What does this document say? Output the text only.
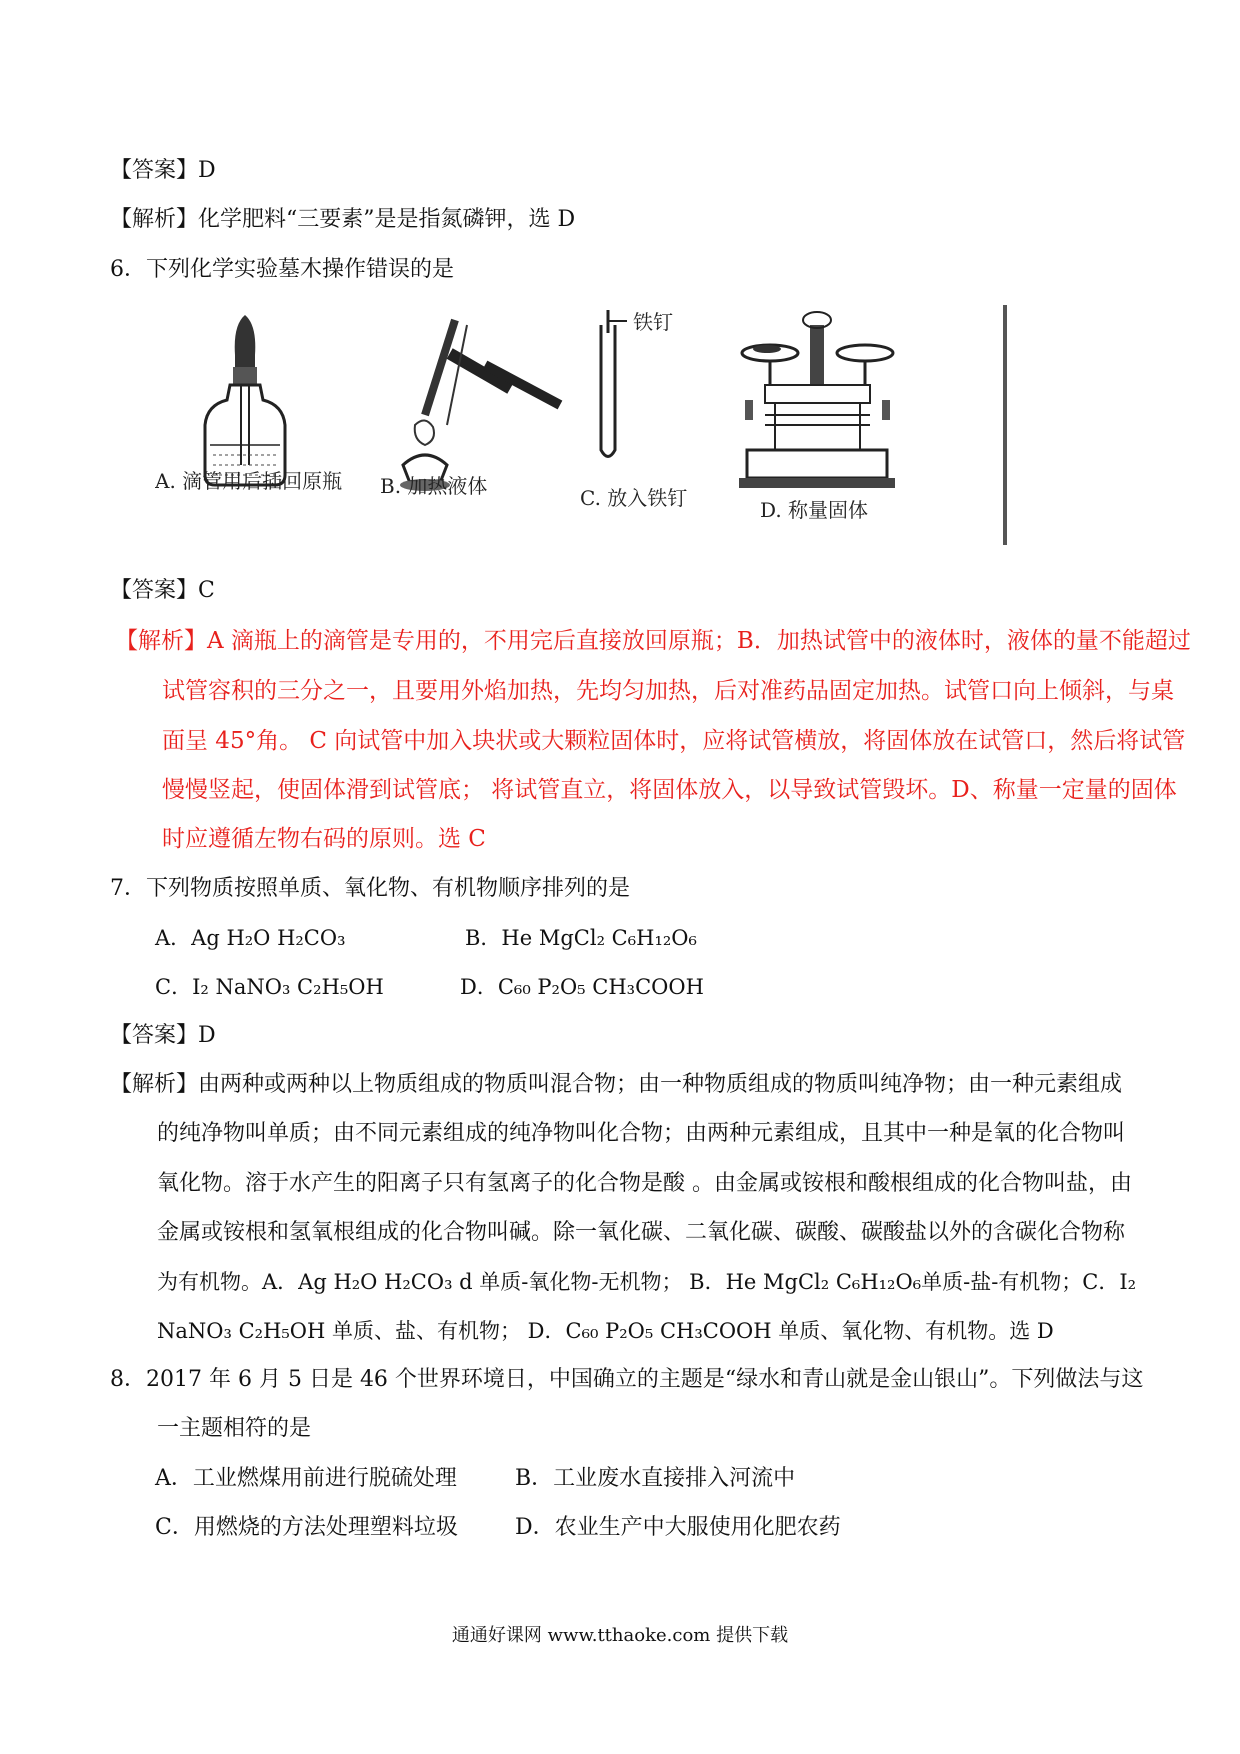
【答案】D
【解析】化学肥料“三要素”是是指氮磷钾，选 D
6．下列化学实验墓木操作错误的是
铁钉
A. 滴管用后插回原瓶 B. 加热液体	C. 放入铁钉	D. 称量固体
【答案】C
【解析】A 滴瓶上的滴管是专用的，不用完后直接放回原瓶；B．加热试管中的液体时，液体的量不能超过
试管容积的三分之一，且要用外焰加热，先均匀加热，后对准药品固定加热。试管口向上倾斜，与桌
面呈 45°角。 C 向试管中加入块状或大颗粒固体时，应将试管横放，将固体放在试管口，然后将试管
慢慢竖起，使固体滑到试管底； 将试管直立，将固体放入，以导致试管毁坏。D、称量一定量的固体
时应遵循左物右码的原则。选 C
7．下列物质按照单质、氧化物、有机物顺序排列的是
A．Ag H₂O H₂CO₃	B．He MgCl₂ C₆H₁₂O₆
C．I₂ NaNO₃ C₂H₅OH	D．C₆₀ P₂O₅ CH₃COOH
【答案】D
【解析】由两种或两种以上物质组成的物质叫混合物；由一种物质组成的物质叫纯净物；由一种元素组成
的纯净物叫单质；由不同元素组成的纯净物叫化合物；由两种元素组成，且其中一种是氧的化合物叫
氧化物。溶于水产生的阳离子只有氢离子的化合物是酸 。由金属或铵根和酸根组成的化合物叫盐，由
金属或铵根和氢氧根组成的化合物叫碱。除一氧化碳、二氧化碳、碳酸、碳酸盐以外的含碳化合物称
为有机物。A．Ag H₂O H₂CO₃ d 单质-氧化物-无机物； B．He MgCl₂ C₆H₁₂O₆单质-盐-有机物；C．I₂
NaNO₃ C₂H₅OH 单质、盐、有机物； D．C₆₀ P₂O₅ CH₃COOH 单质、氧化物、有机物。选 D
8．2017 年 6 月 5 日是 46 个世界环境日，中国确立的主题是“绿水和青山就是金山银山”。下列做法与这
一主题相符的是
A．工业燃煤用前进行脱硫处理	B．工业废水直接排入河流中
C．用燃烧的方法处理塑料垃圾	D．农业生产中大服使用化肥农药
通通好课网 www.tthaoke.com 提供下载
